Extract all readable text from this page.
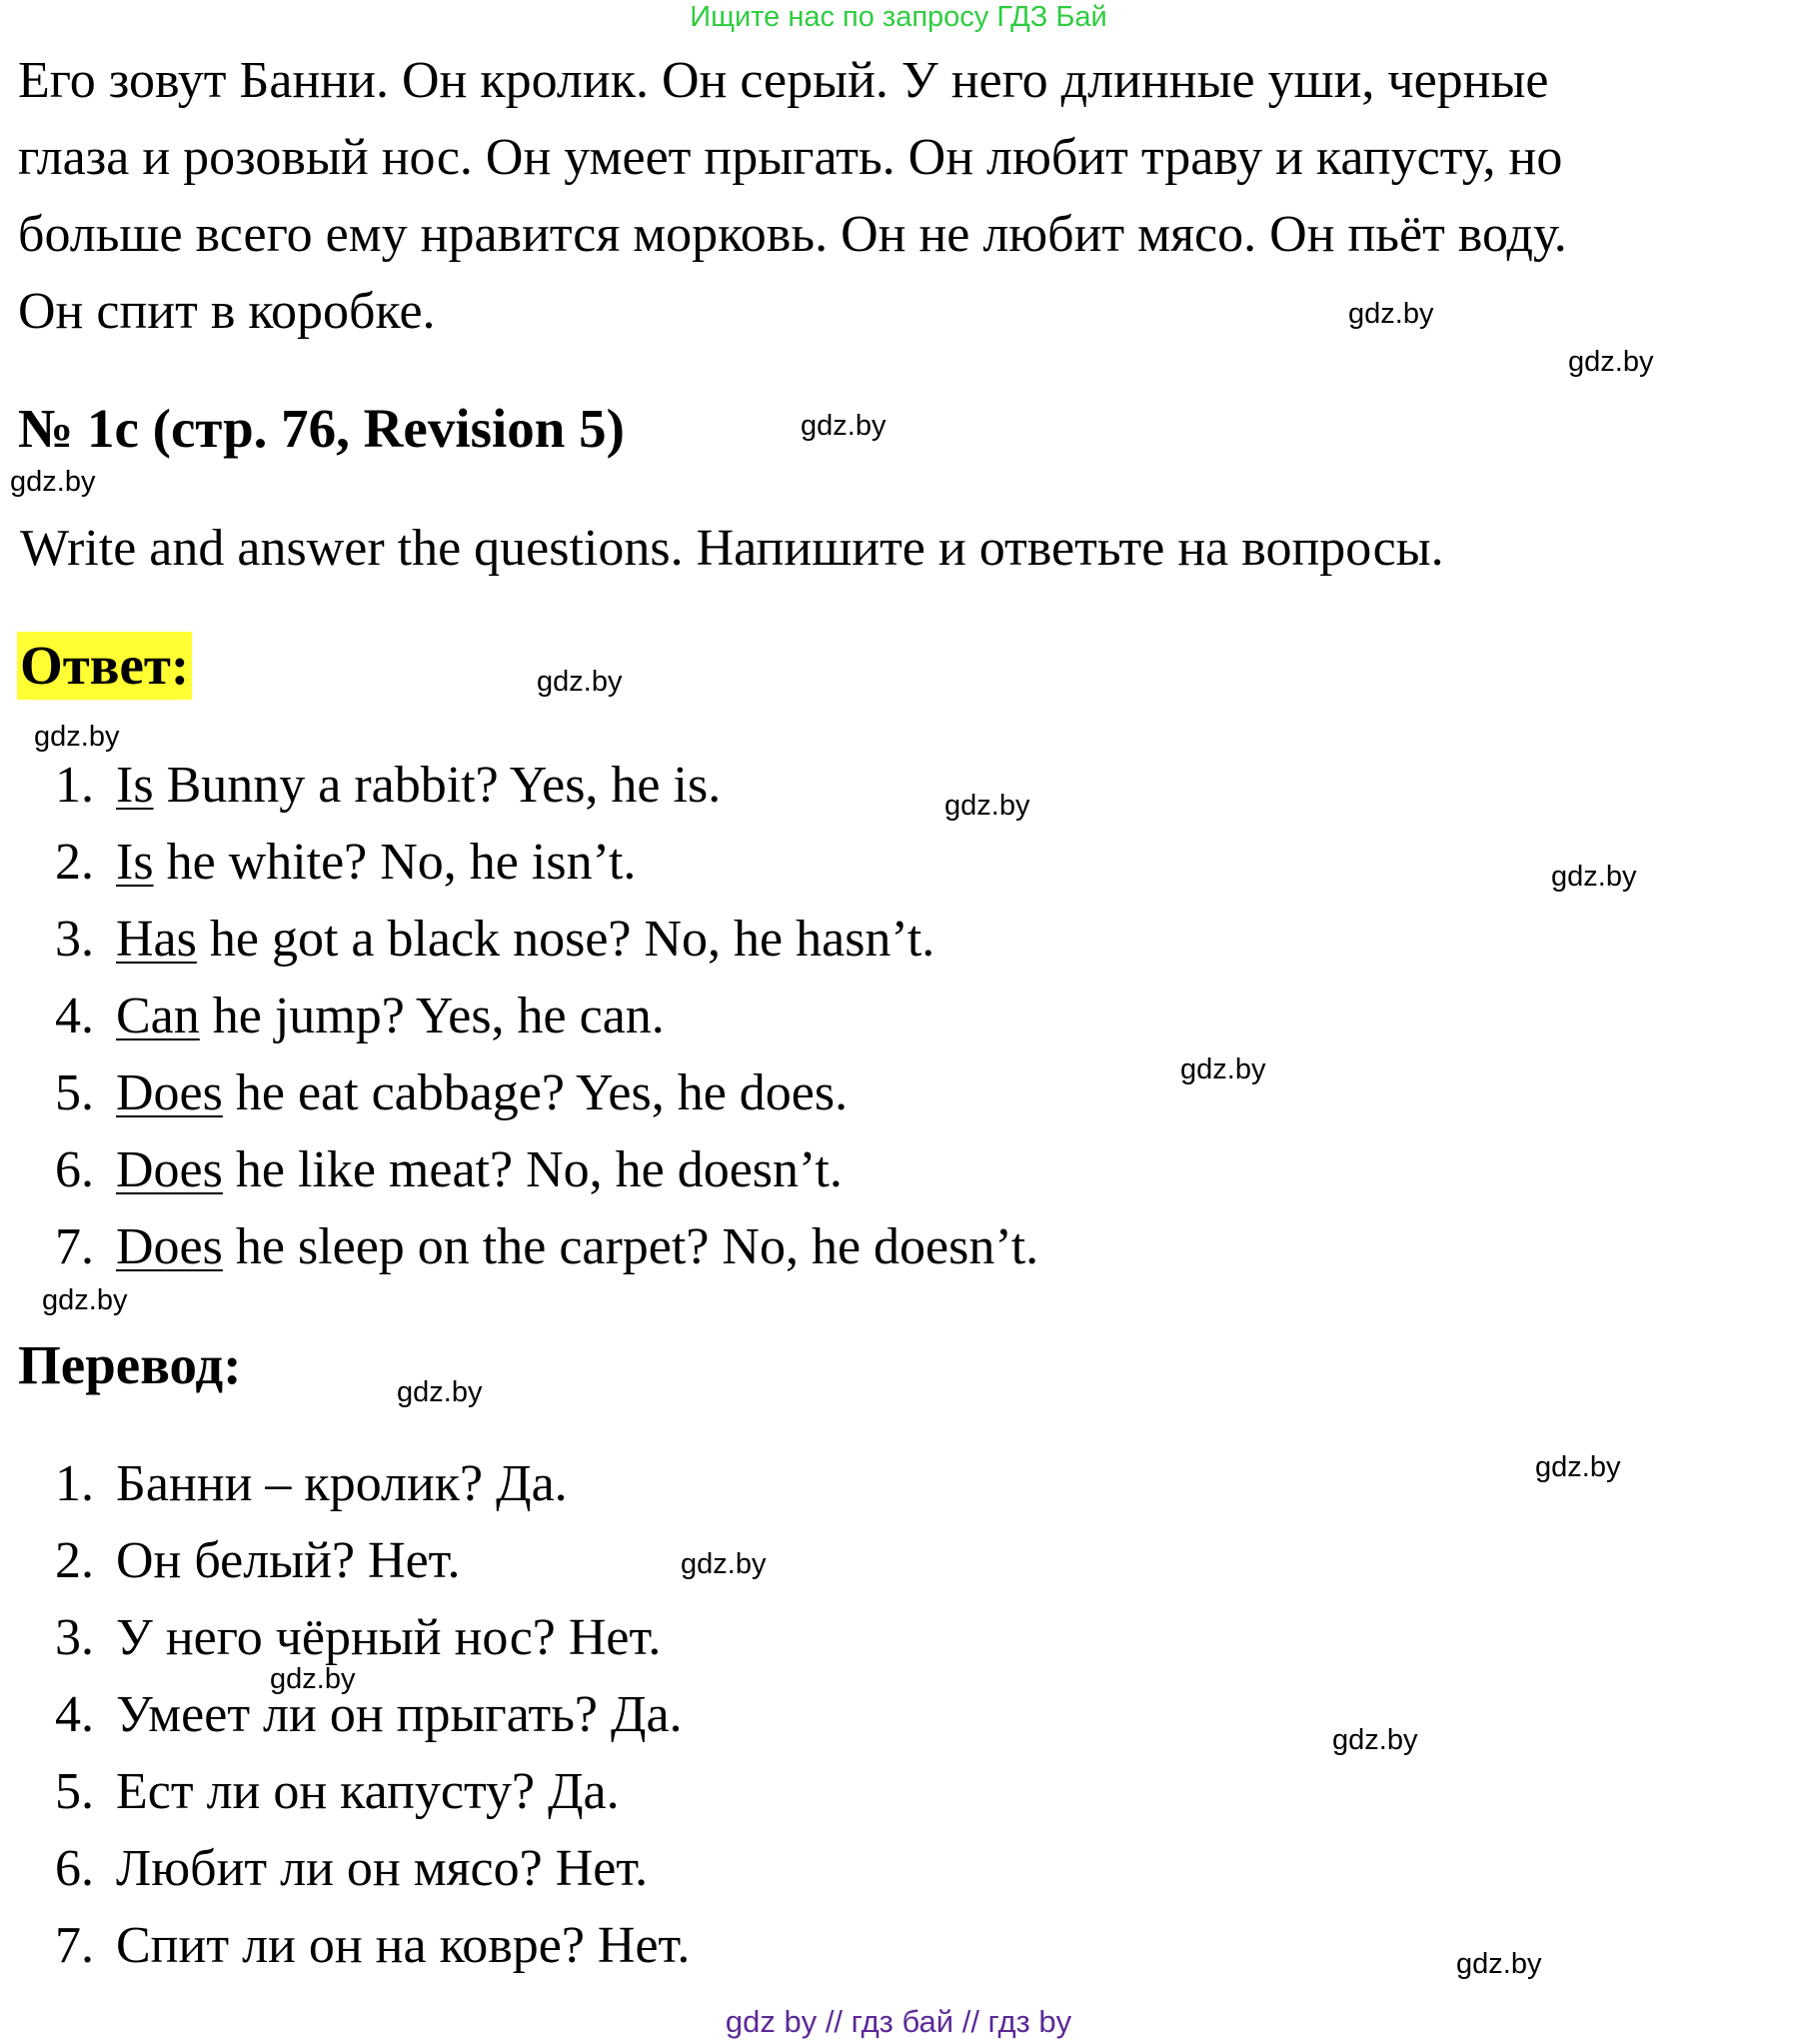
Ищите нас по запросу ГДЗ Бай
Его зовут Банни. Он кролик. Он серый. У него длинные уши, черные
глаза и розовый нос. Он умеет прыгать. Он любит траву и капусту, но
больше всего ему нравится морковь. Он не любит мясо. Он пьёт воду.
Он спит в коробке.
№ 1c (стр. 76, Revision 5)
Write and answer the questions. Напишите и ответьте на вопросы.
Ответ:
1. Is Bunny a rabbit? Yes, he is.
2. Is he white? No, he isn’t.
3. Has he got a black nose? No, he hasn’t.
4. Can he jump? Yes, he can.
5. Does he eat cabbage? Yes, he does.
6. Does he like meat? No, he doesn’t.
7. Does he sleep on the carpet? No, he doesn’t.
Перевод:
1. Банни – кролик? Да.
2. Он белый? Нет.
3. У него чёрный нос? Нет.
4. Умеет ли он прыгать? Да.
5. Ест ли он капусту? Да.
6. Любит ли он мясо? Нет.
7. Спит ли он на ковре? Нет.
gdz.by
gdz.by
gdz.by
gdz.by
gdz.by
gdz.by
gdz.by
gdz.by
gdz.by
gdz.by
gdz.by
gdz.by
gdz.by
gdz.by
gdz.by
gdz.by
gdz by // гдз бай // гдз by
